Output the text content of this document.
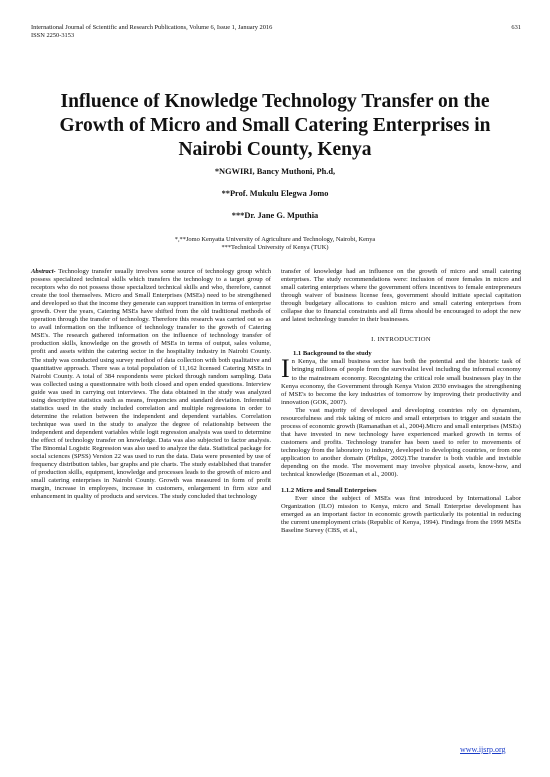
International Journal of Scientific and Research Publications, Volume 6, Issue 1, January 2016
ISSN 2250-3153
631
Influence of Knowledge Technology Transfer on the Growth of Micro and Small Catering Enterprises in Nairobi County, Kenya
*NGWIRI, Bancy Muthoni, Ph.d,
**Prof. Mukulu Elegwa Jomo
***Dr. Jane G. Mputhia
*,**Jomo Kenyatta University of Agriculture and Technology, Nairobi, Kenya
***Technical University of Kenya (TUK)

Abstract- Technology transfer usually involves some source of technology group which possess specialized technical skills which transfers the technology to a target group of receptors who do not possess those specialized technical skills and who, therefore, cannot create the tool themselves. Micro and Small Enterprises (MSEs) need to be strengthened and developed so that the income they generate can support transition in terms of enterprise growth. Over the years, Catering MSEs have shifted from the old traditional methods of operation through the transfer of technology. Therefore this research was carried out so as to avail information on the influence of technology transfer to the growth of Catering MSE's. The research gathered information on the influence of technology transfer of production skills, knowledge on the growth of MSEs in terms of output, sales volume, profit and assets within the catering sector in the hospitality industry in Nairobi County. The study was conducted using survey method of data collection with both qualitative and quantitative approach. There was a total population of 11,162 licensed Catering MSEs in Nairobi County. A total of 384 respondents were picked through random sampling. Data was collected using a questionnaire with both closed and open ended questions. Interview guide was used in carrying out interviews. The data obtained in the study was analyzed using descriptive statistics such as means, frequencies and standard deviation. Inferential statistics used in the study included correlation and multiple regressions in order to determine the relation between the independent and dependent variables. Correlation technique was used in the study to analyze the degree of relationship between the independent and dependent variables while logit regression analysis was used to determine the effect of technology transfer on knowledge. Data was also subjected to factor analysis. The Binomial Logistic Regression was also used to analyze the data. Statistical package for social sciences (SPSS) Version 22 was used to run the data. Data were presented by use of frequency distribution tables, bar graphs and pie charts. The study established that transfer of production skills, equipment, knowledge and processes leads to the growth of micro and small catering enterprises in Nairobi County. Growth was measured in form of profit margin, increase in employees, increase in customers, enlargement in firm size and enhancement in quality of products and services. The study concluded that technology

transfer of knowledge had an influence on the growth of micro and small catering enterprises. The study recommendations were: inclusion of more females in micro and small catering enterprises where the government offers incentives to female entrepreneurs through waiver of business license fees, government should initiate special capitation through budgetary allocations to cushion micro and small catering enterprises from collapse due to financial constraints and all firms should be encouraged to adopt the new and latest technology transfer in their businesses.

I. INTRODUCTION
1.1 Background to the study

In Kenya, the small business sector has both the potential and the historic task of bringing millions of people from the survivalist level including the informal economy to the mainstream economy. Recognizing the critical role small businesses play in the Kenya economy, the Government through Kenya Vision 2030 envisages the strengthening of MSE's to become the key industries of tomorrow by improving their productivity and innovation (GOK, 2007).

The vast majority of developed and developing countries rely on dynamism, resourcefulness and risk taking of micro and small enterprises to trigger and sustain the process of economic growth (Ramanathan et al., 2004).Micro and small enterprises (MSEs) that have invested in new technology have experienced marked growth in terms of customers and profits. Technology transfer has been used to refer to movements of technology from the laboratory to industry, developed to developing countries, or from one application to another domain (Philips, 2002).The transfer is both visible and invisible depending on the mode. The movement may involve physical assets, know-how, and technical knowledge (Bozeman et al., 2000).

1.1.2 Micro and Small Enterprises

Ever since the subject of MSEs was first introduced by International Labor Organization (ILO) mission to Kenya, micro and Small Enterprise development has emerged as an important factor in economic growth particularly its potential in reducing the current unemployment crisis (Republic of Kenya, 1994). Findings from the 1999 MSEs Baseline Survey (CBS, et al.,

www.ijsrp.org
